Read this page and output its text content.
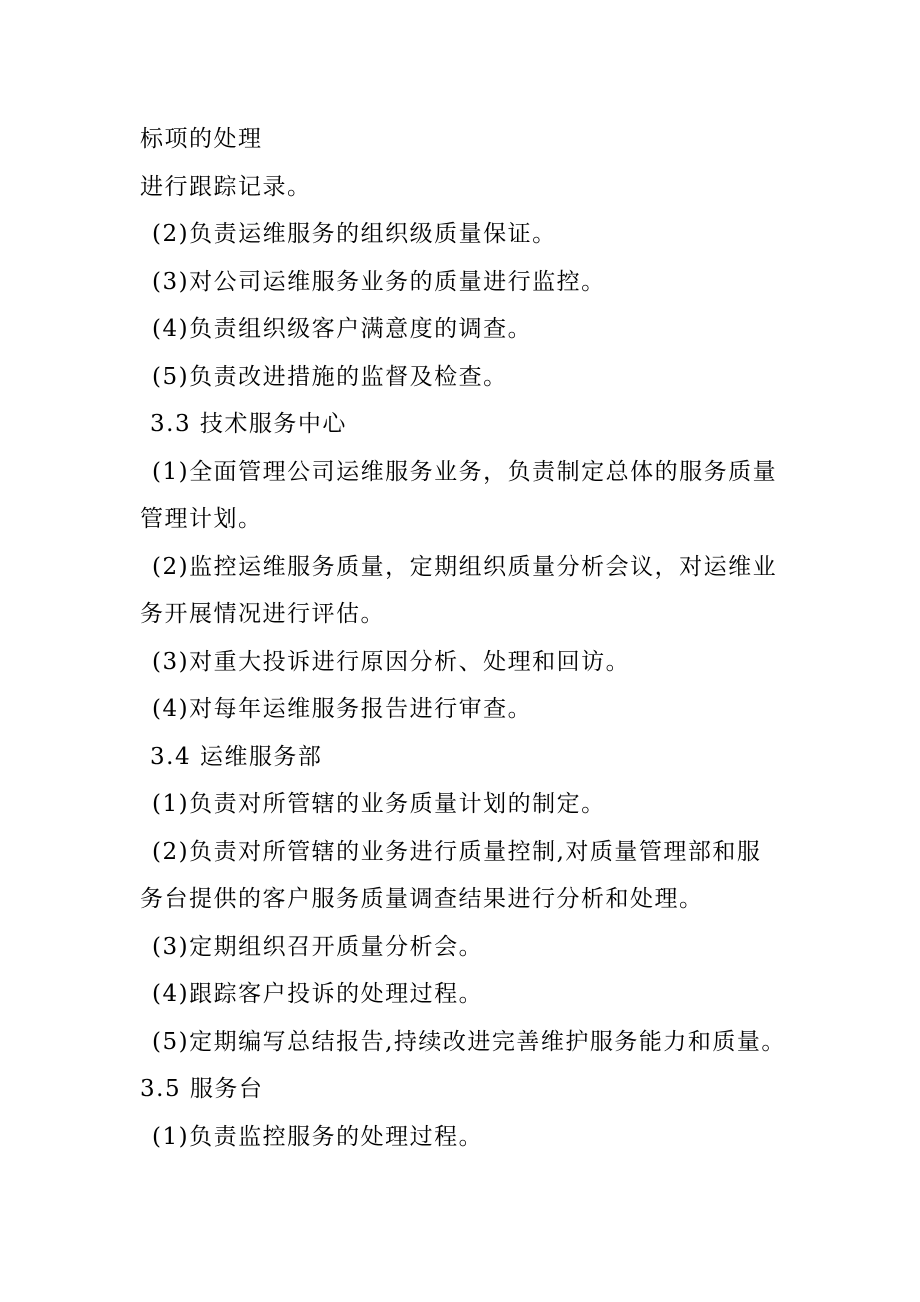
标项的处理
进行跟踪记录。
(2)负责运维服务的组织级质量保证。
(3)对公司运维服务业务的质量进行监控。
(4)负责组织级客户满意度的调查。
(5)负责改进措施的监督及检查。
3.3 技术服务中心
(1)全面管理公司运维服务业务，负责制定总体的服务质量
管理计划。
(2)监控运维服务质量，定期组织质量分析会议，对运维业
务开展情况进行评估。
(3)对重大投诉进行原因分析、处理和回访。
(4)对每年运维服务报告进行审查。
3.4 运维服务部
(1)负责对所管辖的业务质量计划的制定。
(2)负责对所管辖的业务进行质量控制,对质量管理部和服
务台提供的客户服务质量调查结果进行分析和处理。
(3)定期组织召开质量分析会。
(4)跟踪客户投诉的处理过程。
(5)定期编写总结报告,持续改进完善维护服务能力和质量。
3.5 服务台
(1)负责监控服务的处理过程。
